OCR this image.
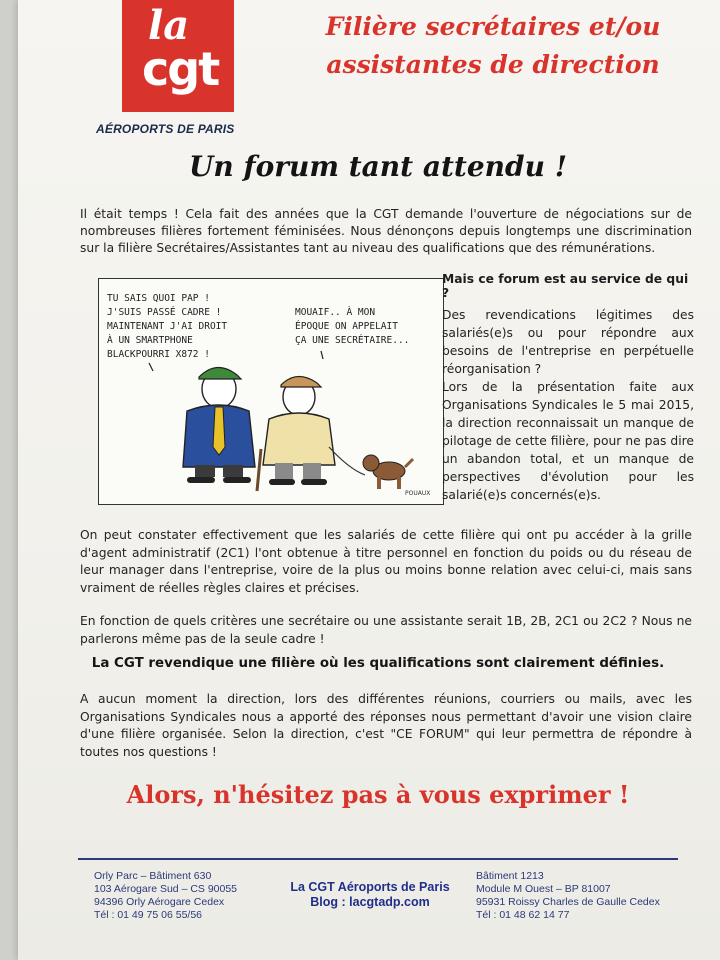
la
cgt
AÉROPORTS DE PARIS
Filière secrétaires et/ou
assistantes de direction
Un forum tant attendu !
Il était temps ! Cela fait des années que la CGT demande l'ouverture de négociations sur de nombreuses filières fortement féminisées. Nous dénonçons depuis longtemps une discrimination sur la filière Secrétaires/Assistantes tant au niveau des qualifications que des rémunérations.
TU SAIS QUOI PAP !
J'SUIS PASSÉ CADRE !
MAINTENANT J'AI DROIT
À UN SMARTPHONE
BLACKPOURRI X872 !
MOUAIF.. À MON
ÉPOQUE ON APPELAIT
ÇA UNE SECRÉTAIRE...
POUAUX
Mais ce forum est au service de qui ?
Des revendications légitimes des salariés(e)s ou pour répondre aux besoins de l'entreprise en perpétuelle réorganisation ?
Lors de la présentation faite aux Organisations Syndicales le 5 mai 2015, la direction reconnaissait un manque de pilotage de cette filière, pour ne pas dire un abandon total, et un manque de perspectives d'évolution pour les salarié(e)s concernés(e)s.
On peut constater effectivement que les salariés de cette filière qui ont pu accéder à la grille d'agent administratif (2C1) l'ont obtenue à titre personnel en fonction du poids ou du réseau de leur manager dans l'entreprise, voire de la plus ou moins bonne relation avec celui-ci, mais sans vraiment de réelles règles claires et précises.
En fonction de quels critères une secrétaire ou une assistante serait 1B, 2B, 2C1 ou 2C2 ? Nous ne parlerons même pas de la seule cadre !
La CGT revendique une filière où les qualifications sont clairement définies.
A aucun moment la direction, lors des différentes réunions, courriers ou mails, avec les Organisations Syndicales nous a apporté des réponses nous permettant d'avoir une vision claire d'une filière organisée. Selon la direction, c'est "CE FORUM" qui leur permettra de répondre à toutes nos questions !
Alors, n'hésitez pas à vous exprimer !
Orly Parc – Bâtiment 630
103 Aérogare Sud – CS 90055
94396 Orly Aérogare Cedex
Tél : 01 49 75 06 55/56
La CGT Aéroports de Paris
Blog : lacgtadp.com
Bâtiment 1213
Module M Ouest – BP 81007
95931 Roissy Charles de Gaulle Cedex
Tél : 01 48 62 14 77
